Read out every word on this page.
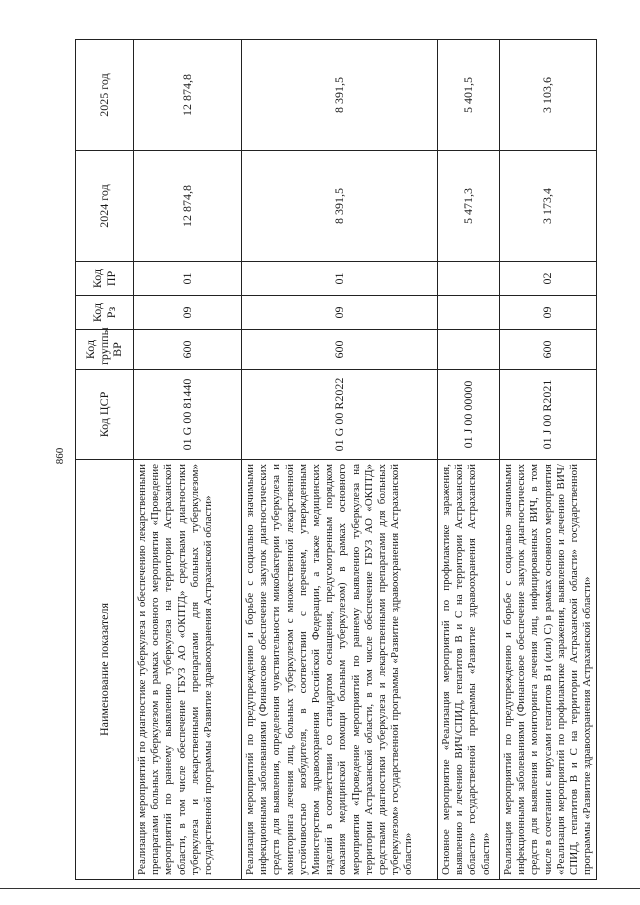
860
Наименование показателя	Код ЦСР	Код группы ВР	Код Рз	Код ПР	2024 год	2025 год
Реализация мероприятий по диагностике туберкулеза и обеспечению лекарственными препаратами больных туберкулезом в рамках основного мероприятия «Проведение мероприятий по раннему выявлению туберкулеза на территории Астраханской области, в том числе обеспечение ГБУЗ АО «ОКПТД» средствами диагностики туберкулеза и лекарственными препаратами для больных туберкулезом» государственной программы «Развитие здравоохранения Астраханской области»	01 G 00 81440	600	09	01	12 874,8	12 874,8
Реализация мероприятий по предупреждению и борьбе с социально значимыми инфекционными заболеваниями (Финансовое обеспечение закупок диагностических средств для выявления, определения чувствительности микобактерии туберкулеза и мониторинга лечения лиц, больных туберкулезом с множественной лекарственной устойчивостью возбудителя, в соответствии с перечнем, утвержденным Министерством здравоохранения Российской Федерации, а также медицинских изделий в соответствии со стандартом оснащения, предусмотренным порядком оказания медицинской помощи больным туберкулезом) в рамках основного мероприятия «Проведение мероприятий по раннему выявлению туберкулеза на территории Астраханской области, в том числе обеспечение ГБУЗ АО «ОКПТД» средствами диагностики туберкулеза и лекарственными препаратами для больных туберкулезом» государственной программы «Развитие здравоохранения Астраханской области»	01 G 00 R2022	600	09	01	8 391,5	8 391,5
Основное мероприятие «Реализация мероприятий по профилактике заражения, выявлению и лечению ВИЧ/СПИД, гепатитов В и С на территории Астраханской области» государственной программы «Развитие здравоохранения Астраханской области»	01 J 00 00000				5 471,3	5 401,5
Реализация мероприятий по предупреждению и борьбе с социально значимыми инфекционными заболеваниями (Финансовое обеспечение закупок диагностических средств для выявления и мониторинга лечения лиц, инфицированных ВИЧ, в том числе в сочетании с вирусами гепатитов В и (или) С) в рамках основного мероприятия «Реализация мероприятий по профилактике заражения, выявлению и лечению ВИЧ/СПИД, гепатитов В и С на территории Астраханской области» государственной программы «Развитие здравоохранения Астраханской области»	01 J 00 R2021	600	09	02	3 173,4	3 103,6
